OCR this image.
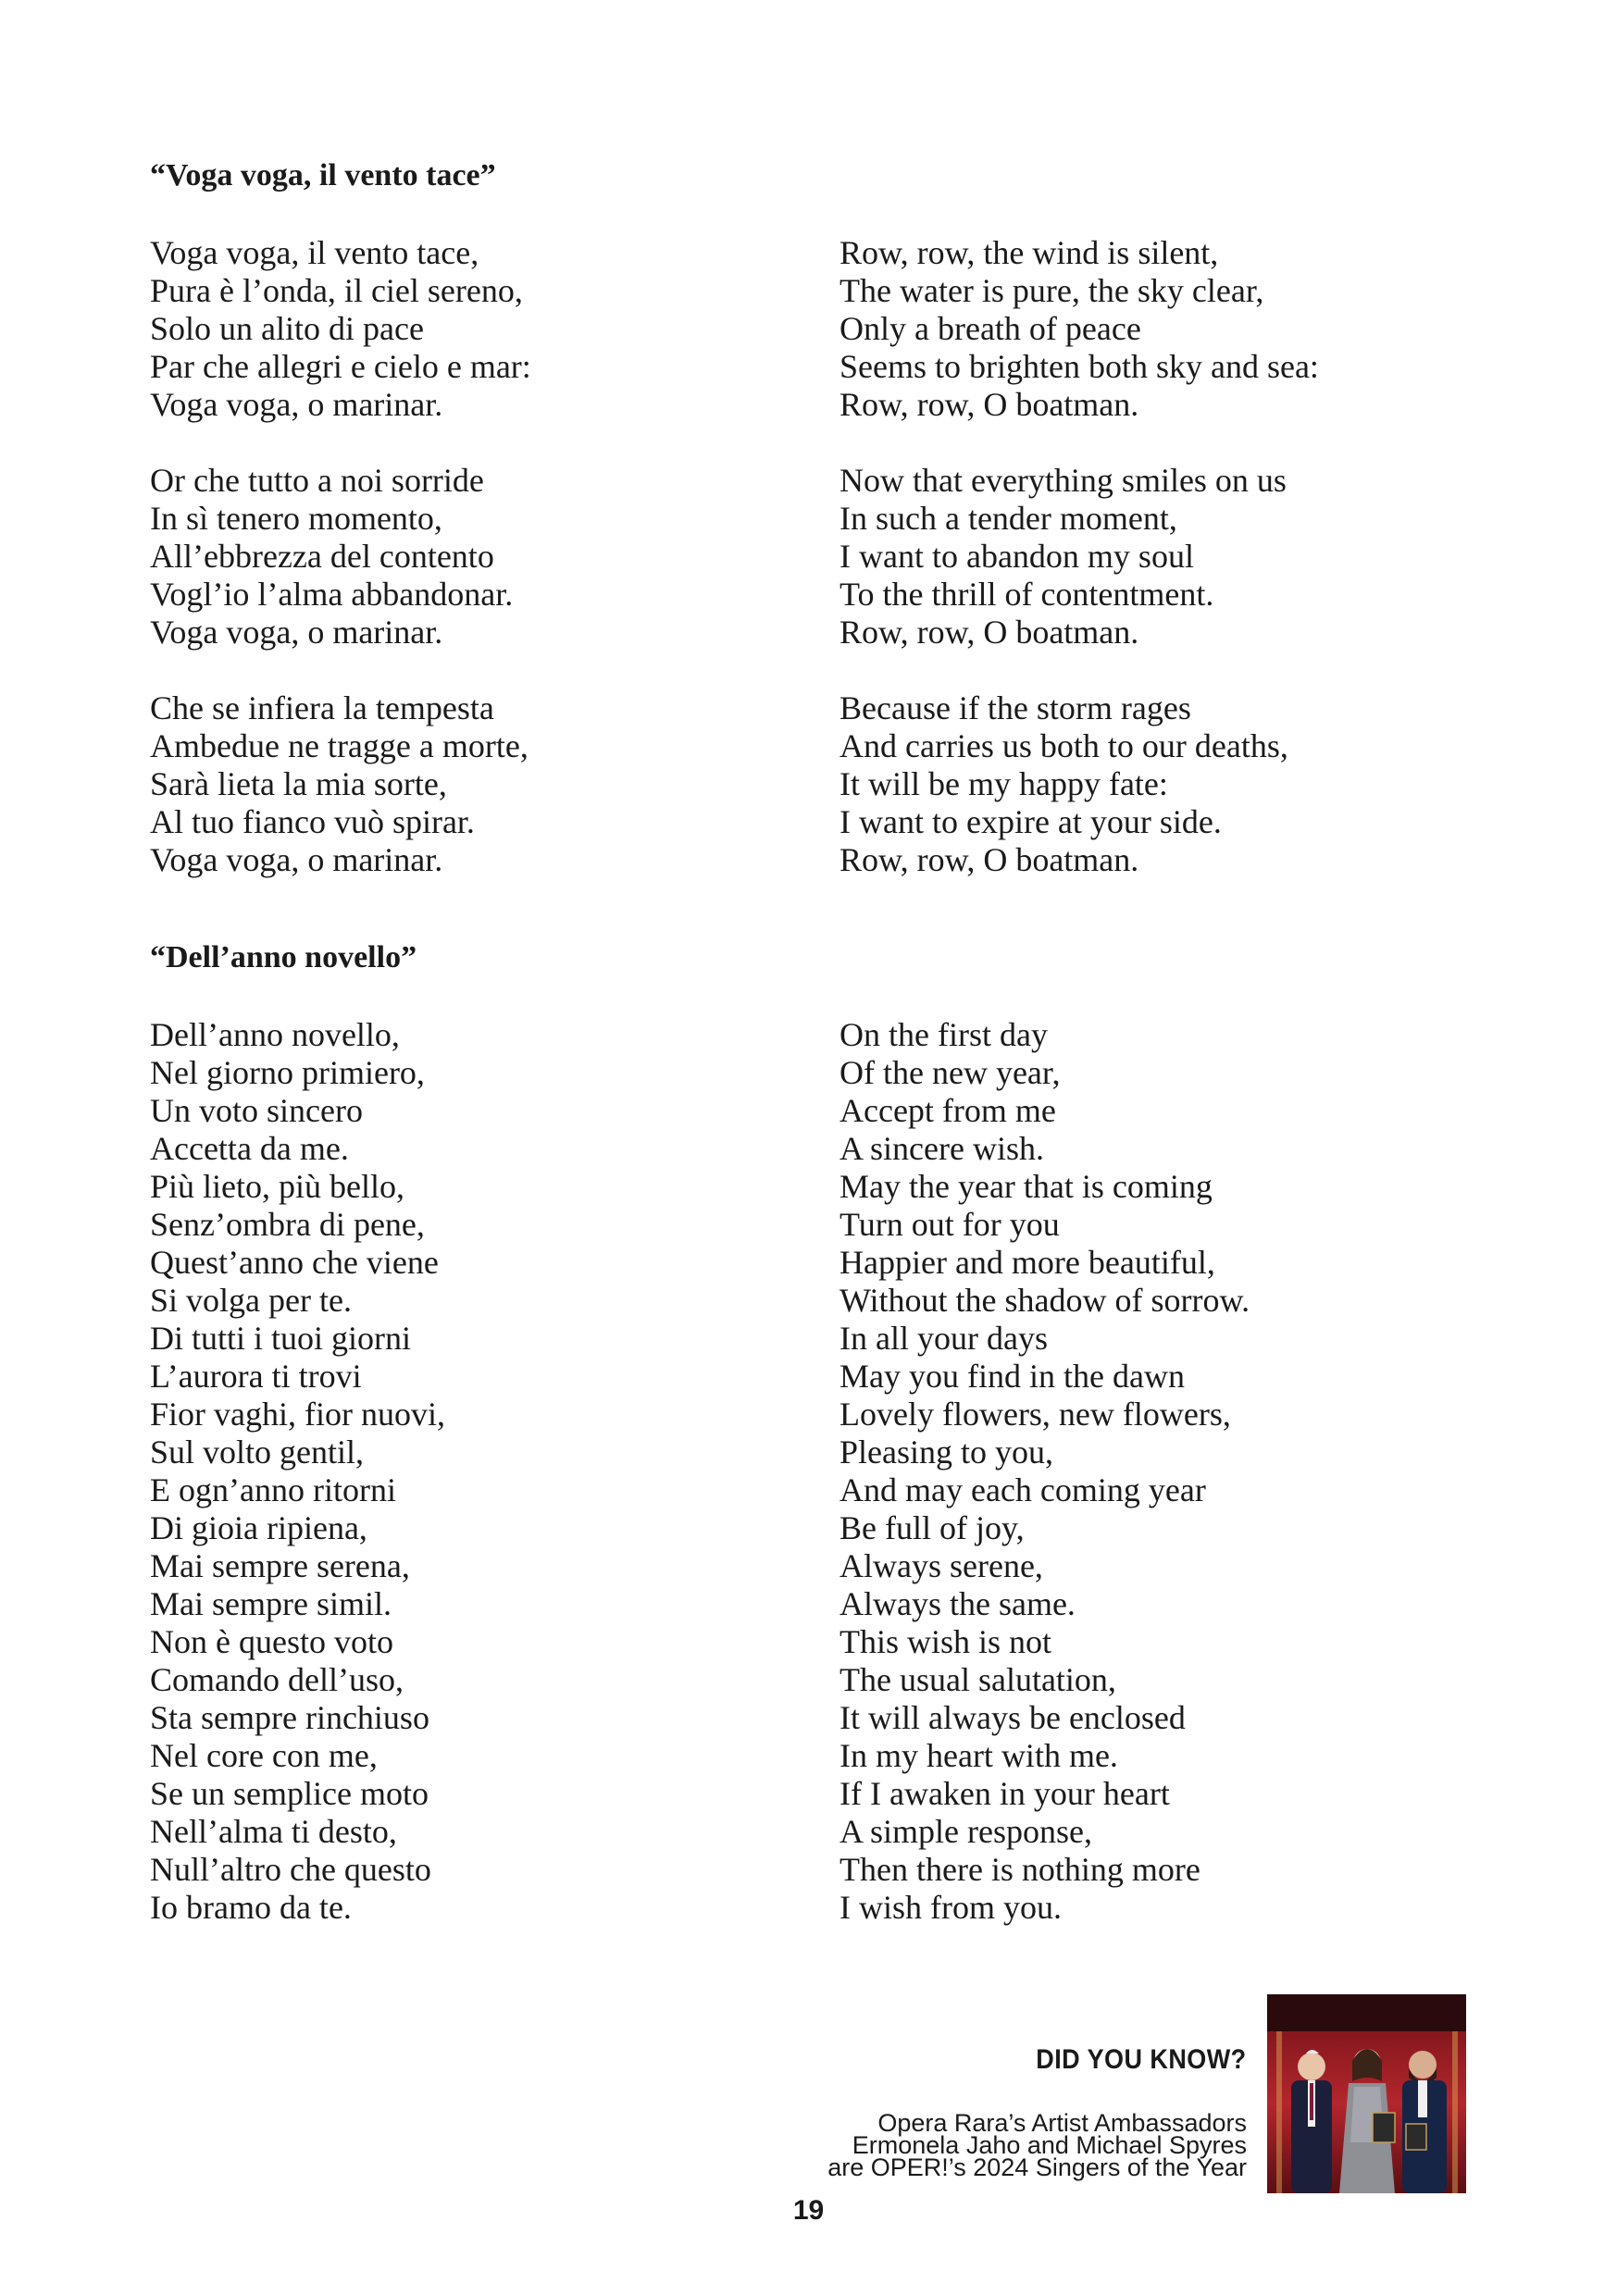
“Voga voga, il vento tace”
Voga voga, il vento tace,
Pura è l’onda, il ciel sereno,
Solo un alito di pace
Par che allegri e cielo e mar:
Voga voga, o marinar.
Or che tutto a noi sorride
In sì tenero momento,
All’ebbrezza del contento
Vogl’io l’alma abbandonar.
Voga voga, o marinar.
Che se infiera la tempesta
Ambedue ne tragge a morte,
Sarà lieta la mia sorte,
Al tuo fianco vuò spirar.
Voga voga, o marinar.
Row, row, the wind is silent,
The water is pure, the sky clear,
Only a breath of peace
Seems to brighten both sky and sea:
Row, row, O boatman.
Now that everything smiles on us
In such a tender moment,
I want to abandon my soul
To the thrill of contentment.
Row, row, O boatman.
Because if the storm rages
And carries us both to our deaths,
It will be my happy fate:
I want to expire at your side.
Row, row, O boatman.
“Dell’anno novello”
Dell’anno novello,
Nel giorno primiero,
Un voto sincero
Accetta da me.
Più lieto, più bello,
Senz’ombra di pene,
Quest’anno che viene
Si volga per te.
Di tutti i tuoi giorni
L’aurora ti trovi
Fior vaghi, fior nuovi,
Sul volto gentil,
E ogn’anno ritorni
Di gioia ripiena,
Mai sempre serena,
Mai sempre simil.
Non è questo voto
Comando dell’uso,
Sta sempre rinchiuso
Nel core con me,
Se un semplice moto
Nell’alma ti desto,
Null’altro che questo
Io bramo da te.
On the first day
Of the new year,
Accept from me
A sincere wish.
May the year that is coming
Turn out for you
Happier and more beautiful,
Without the shadow of sorrow.
In all your days
May you find in the dawn
Lovely flowers, new flowers,
Pleasing to you,
And may each coming year
Be full of joy,
Always serene,
Always the same.
This wish is not
The usual salutation,
It will always be enclosed
In my heart with me.
If I awaken in your heart
A simple response,
Then there is nothing more
I wish from you.
DID YOU KNOW?
Opera Rara’s Artist Ambassadors
Ermonela Jaho and Michael Spyres
are OPER!’s 2024 Singers of the Year
19
